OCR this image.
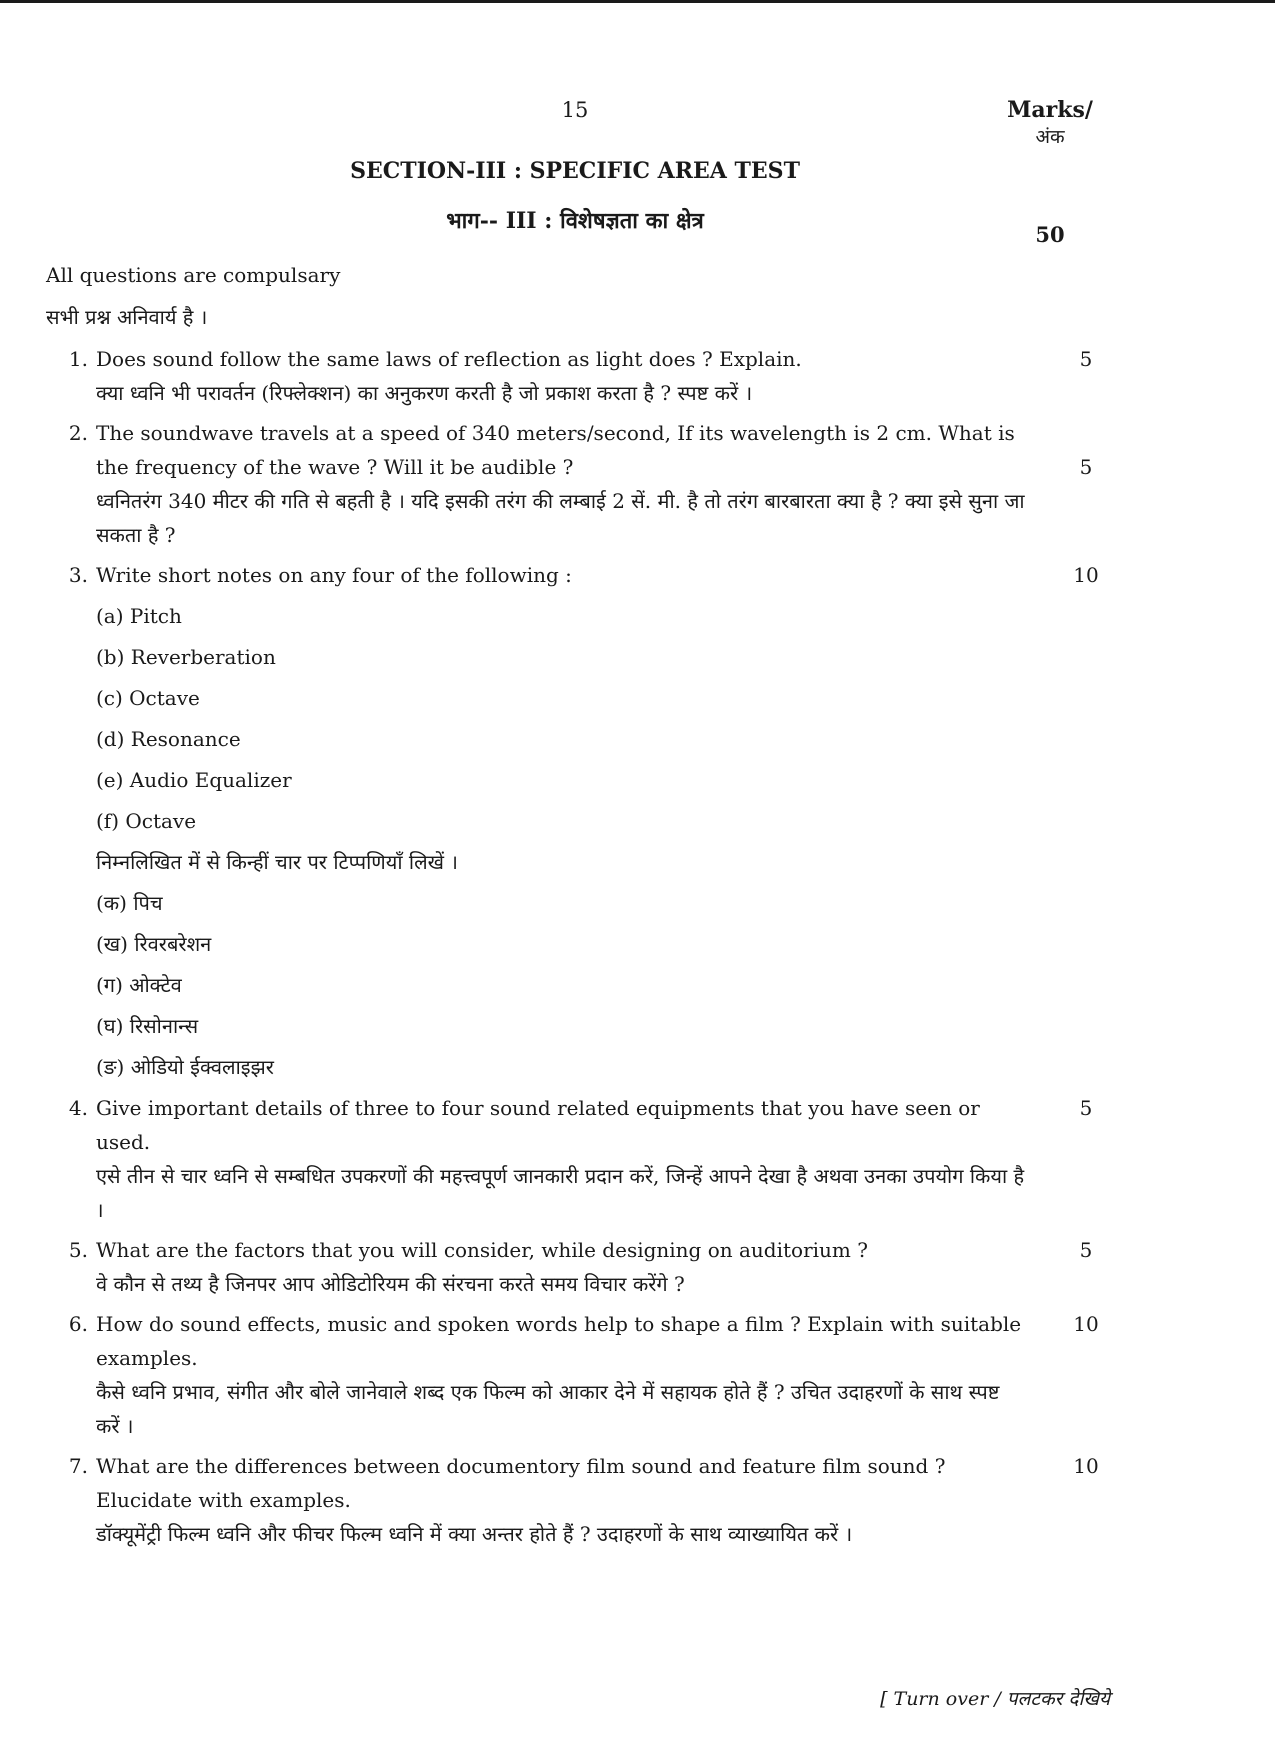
15	Marks/
अंक
SECTION-III : SPECIFIC AREA TEST
भाग-- III : विशेषज्ञता का क्षेत्र
50

All questions are compulsary

सभी प्रश्न अनिवार्य है ।

1.	5
Does sound follow the same laws of reflection as light does ? Explain.
क्या ध्वनि भी परावर्तन (रिफ्लेक्शन) का अनुकरण करती है जो प्रकाश करता है ? स्पष्ट करें ।
2.
5
The soundwave travels at a speed of 340 meters/second, If its wavelength is 2 cm. What is the frequency of the wave ? Will it be audible ?
ध्वनितरंग 340 मीटर की गति से बहती है । यदि इसकी तरंग की लम्बाई 2 सें. मी. है तो तरंग बारबारता क्या है ? क्या इसे सुना जा सकता है ?
3.	10
Write short notes on any four of the following :
(a) Pitch
(b) Reverberation
(c) Octave
(d) Resonance
(e) Audio Equalizer
(f) Octave
निम्नलिखित में से किन्हीं चार पर टिप्पणियाँ लिखें ।
(क) पिच
(ख) रिवरबरेशन
(ग) ओक्टेव
(घ) रिसोनान्स
(ङ) ओडियो ईक्वलाइझर
4.	5
Give important details of three to four sound related equipments that you have seen or used.
एसे तीन से चार ध्वनि से सम्बधित उपकरणों की महत्त्वपूर्ण जानकारी प्रदान करें, जिन्हें आपने देखा है अथवा उनका उपयोग किया है ।
5.	5
What are the factors that you will consider, while designing on auditorium ?
वे कौन से तथ्य है जिनपर आप ओडिटोरियम की संरचना करते समय विचार करेंगे ?
6.	10
How do sound effects, music and spoken words help to shape a film ? Explain with suitable examples.
कैसे ध्वनि प्रभाव, संगीत और बोले जानेवाले शब्द एक फिल्म को आकार देने में सहायक होते हैं ? उचित उदाहरणों के साथ स्पष्ट करें ।
7.	10
What are the differences between documentory film sound and feature film sound ? Elucidate with examples.
डॉक्यूमेंट्री फिल्म ध्वनि और फीचर फिल्म ध्वनि में क्या अन्तर होते हैं ? उदाहरणों के साथ व्याख्यायित करें ।
[ Turn over / पलटकर देखिये
